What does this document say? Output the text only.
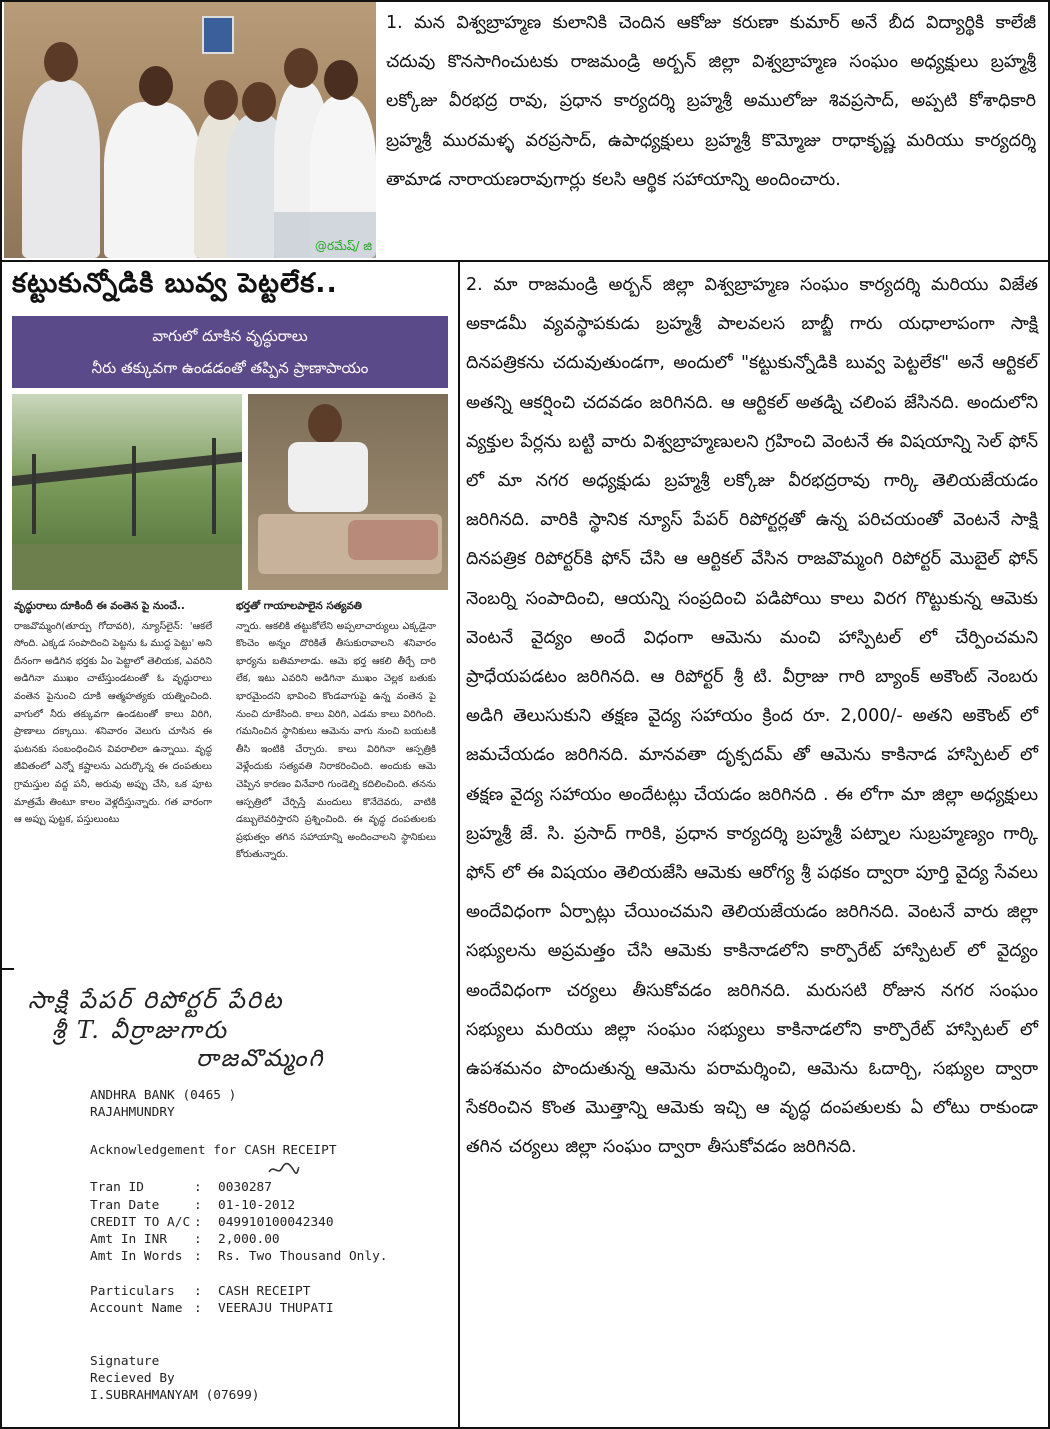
@రమేష్/ జి

1. మన విశ్వబ్రాహ్మణ కులానికి చెందిన ఆకోజు కరుణా కుమార్ అనే బీద విద్యార్థికి కాలేజీ చదువు కొనసాగించుటకు రాజమండ్రి అర్బన్ జిల్లా విశ్వబ్రాహ్మణ సంఘం అధ్యక్షులు బ్రహ్మశ్రీ లక్కోజు వీరభద్ర రావు, ప్రధాన కార్యదర్శి బ్రహ్మశ్రీ అములోజు శివప్రసాద్, అప్పటి కోశాధికారి బ్రహ్మశ్రీ మురమళ్ళ వరప్రసాద్, ఉపాధ్యక్షులు బ్రహ్మశ్రీ కొమ్మోజు రాధాకృష్ణ మరియు కార్యదర్శి తామాడ నారాయణరావుగార్లు కలసి ఆర్థిక సహాయాన్ని అందించారు.

కట్టుకున్నోడికి బువ్వ పెట్టలేక..
వాగులో దూకిన వృద్ధురాలు
నీరు తక్కువగా ఉండడంతో తప్పిన ప్రాణాపాయం
వృద్ధురాలు దూకిందీ ఈ వంతెన పై నుంచే..
రాజవొమ్మంగి(తూర్పు గోదావరి), న్యూస్‌లైన్: 'ఆకలే సోంది. ఎక్కడ సంపాదించి పెట్టను ఓ ముద్ద పెట్టు' అని దీనంగా అడిగిన భర్తకు ఏం పెట్టాలో తెలియక, ఎవరిని అడిగినా ముఖం చాటేస్తుండటంతో ఓ వృద్ధురాలు వంతెన పైనుంచి దూకి ఆత్మహత్యకు యత్నించింది. వాగులో నీరు తక్కువగా ఉండటంతో కాలు విరిగి, ప్రాణాలు దక్కాయి. శనివారం వెలుగు చూసిన ఈ ఘటనకు సంబంధించిన వివరాలిలా ఉన్నాయి. వృద్ధ జీవితంలో ఎన్నో కష్టాలను ఎదుర్కొన్న ఈ దంపతులు గ్రామస్తుల వద్ద పనీ, అరువు అప్పు చేసి, ఒక పూట మాత్రమే తింటూ కాలం వెళ్లదీస్తున్నారు. గత వారంగా ఆ అప్పు పుట్టక, పస్తులుంటు
భర్తతో గాయాలపాలైన సత్యవతి
న్నారు. ఆకలికి తట్టుకోలేని అప్పలాచార్యులు ఎక్కడైనా కొంచెం అన్నం దొరికితే తీసుకురావాలని శనివారం భార్యను బతిమాలాడు. ఆమె భర్త ఆకలి తీర్చే దారి లేక, ఇటు ఎవరిని అడిగినా ముఖం చెల్లక బతుకు భారమైందని భావించి కొండవాగుపై ఉన్న వంతెన పై నుంచి దూకేసింది. కాలు విరిగి, ఎడమ కాలు విరిగింది. గమనించిన స్థానికులు ఆమెను వాగు నుంచి బయటకి తీసి ఇంటికి చేర్చారు. కాలు విరిగినా ఆస్పత్రికి వెళ్లేందుకు సత్యవతి నిరాకరించింది. అందుకు ఆమె చెప్పిన కారణం వినేవారి గుండెల్ని కదిలించింది. తనను ఆస్పత్రిలో చేర్పిస్తే మందులు కొనేదెవరు, వాటికి డబ్బులెవరిస్తారని ప్రశ్నించింది. ఈ వృద్ధ దంపతులకు ప్రభుత్వం తగిన సహాయాన్ని అందించాలని స్థానికులు కోరుతున్నారు.
సాక్షి పేపర్ రిపోర్టర్ పేరిట
శ్రీ T. వీర్రాజుగారు
రాజవొమ్మంగి
ANDHRA BANK (0465 )
RAJAHMUNDRY
Acknowledgement for CASH RECEIPT
Tran ID	: 0030287
Tran Date	: 01-10-2012
CREDIT TO A/C : 049910100042340
Amt In INR : 2,000.00
Amt In Words : Rs. Two Thousand Only.
Particulars : CASH RECEIPT
Account Name : VEERAJU THUPATI
Signature
Recieved By
I.SUBRAHMANYAM (07699)

2. మా రాజమండ్రి అర్బన్ జిల్లా విశ్వబ్రాహ్మణ సంఘం కార్యదర్శి మరియు విజేత అకాడమీ వ్యవస్థాపకుడు బ్రహ్మశ్రీ పాలవలస బాబ్జీ గారు యధాలాపంగా సాక్షి దినపత్రికను చదువుతుండగా, అందులో "కట్టుకున్నోడికి బువ్వ పెట్టలేక" అనే ఆర్టికల్ అతన్ని ఆకర్షించి చదవడం జరిగినది. ఆ ఆర్టికల్ అతడ్ని చలింప జేసినది. అందులోని వ్యక్తుల పేర్లను బట్టి వారు విశ్వబ్రాహ్మణులని గ్రహించి వెంటనే ఈ విషయాన్ని సెల్ ఫోన్ లో మా నగర అధ్యక్షుడు బ్రహ్మశ్రీ లక్కోజు వీరభద్రరావు గార్కి తెలియజేయడం జరిగినది. వారికి స్థానిక న్యూస్ పేపర్ రిపోర్టర్లతో ఉన్న పరిచయంతో వెంటనే సాక్షి దినపత్రిక రిపోర్టర్‌కి ఫోన్ చేసి ఆ ఆర్టికల్ వేసిన రాజవొమ్మంగి రిపోర్టర్ మొబైల్ ఫోన్ నెంబర్ని సంపాదించి, ఆయన్ని సంప్రదించి పడిపోయి కాలు విరగ గొట్టుకున్న ఆమెకు వెంటనే వైద్యం అందే విధంగా ఆమెను మంచి హాస్పిటల్ లో చేర్పించమని ప్రాధేయపడటం జరిగినది. ఆ రిపోర్టర్ శ్రీ టి. వీర్రాజు గారి బ్యాంక్ అకౌంట్ నెంబరు అడిగి తెలుసుకుని తక్షణ వైద్య సహాయం క్రింద రూ. 2,000/- అతని అకౌంట్ లో జమచేయడం జరిగినది. మానవతా దృక్పదమ్ తో ఆమెను కాకినాడ హాస్పిటల్ లో తక్షణ వైద్య సహాయం అందేటట్లు చేయడం జరిగినది . ఈ లోగా మా జిల్లా అధ్యక్షులు బ్రహ్మశ్రీ జే. సి. ప్రసాద్ గారికి, ప్రధాన కార్యదర్శి బ్రహ్మశ్రీ పట్నాల సుబ్రహ్మణ్యం గార్కి ఫోన్ లో ఈ విషయం తెలియజేసి ఆమెకు ఆరోగ్య శ్రీ పథకం ద్వారా పూర్తి వైద్య సేవలు అందేవిధంగా ఏర్పాట్లు చేయించమని తెలియజేయడం జరిగినది. వెంటనే వారు జిల్లా సభ్యులను అప్రమత్తం చేసి ఆమెకు కాకినాడలోని కార్పొరేట్ హాస్పిటల్ లో వైద్యం అందేవిధంగా చర్యలు తీసుకోవడం జరిగినది. మరుసటి రోజున నగర సంఘం సభ్యులు మరియు జిల్లా సంఘం సభ్యులు కాకినాడలోని కార్పొరేట్ హాస్పిటల్ లో ఉపశమనం పొందుతున్న ఆమెను పరామర్శించి, ఆమెను ఓదార్చి, సభ్యుల ద్వారా సేకరించిన కొంత మొత్తాన్ని ఆమెకు ఇచ్చి ఆ వృద్ధ దంపతులకు ఏ లోటు రాకుండా తగిన చర్యలు జిల్లా సంఘం ద్వారా తీసుకోవడం జరిగినది.
